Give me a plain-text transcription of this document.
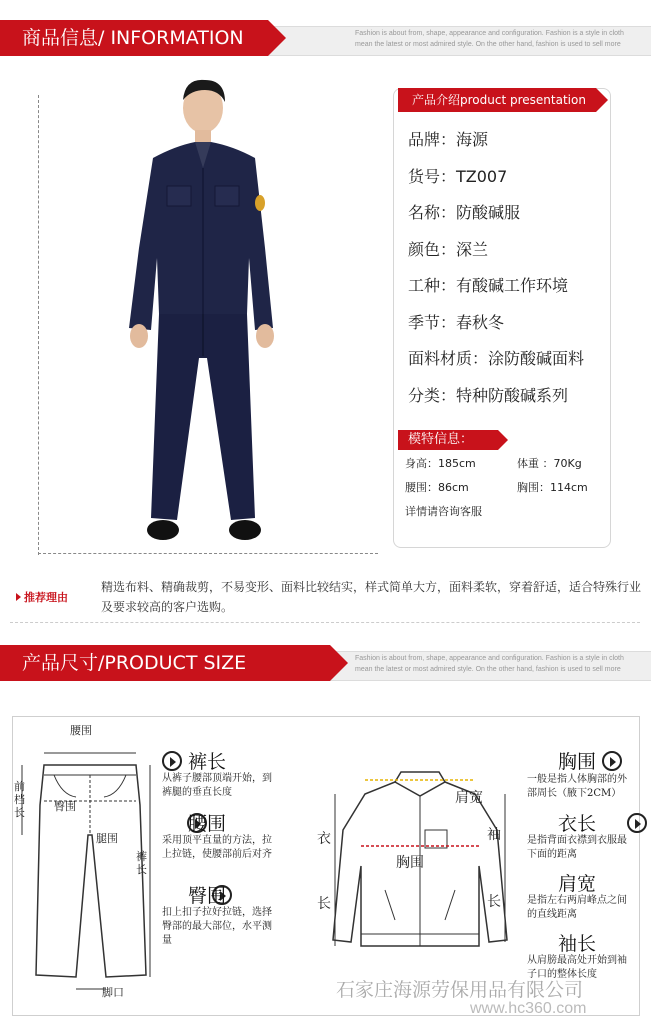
商品信息/ INFORMATION	Fashion is about from, shape, appearance and configuration. Fashion is a style in cloth
mean the latest or most admired style. On the other hand, fashion is used to sell more
产品介绍product presentation
品牌：海源
货号：TZ007
名称：防酸碱服
颜色：深兰
工种：有酸碱工作环境
季节：春秋冬
面料材质：涂防酸碱面料
分类：特种防酸碱系列
模特信息：
身高：185cm	体重 ：70Kg
腰围：86cm	胸围：114cm
详情请咨询客服
推荐理由
精选布料、精确裁剪，不易变形、面料比较结实，样式简单大方，面料柔软，穿着舒适，适合特殊行业及要求较高的客户选购。
产品尺寸/PRODUCT SIZE	Fashion is about from, shape, appearance and configuration. Fashion is a style in cloth
mean the latest or most admired style. On the other hand, fashion is used to sell more
腰围
前档长	臀围
腿围
裤长
脚口

裤长
从裤子腰部顶端开始，到裤腿的垂直长度

腰围
采用顶平直量的方法，拉上拉链，使腰部前后对齐

臀围
扣上扣子拉好拉链，选择臀部的最大部位，水平测量
肩宽
衣
长
袖
长
胸围

胸围
一般是指人体胸部的外部周长（腋下2CM）

衣长
是指背面衣襟到衣服最下面的距离

肩宽
是指左右两肩峰点之间的直线距离
袖长
从肩膀最高处开始到袖子口的整体长度
石家庄海源劳保用品有限公司
www.hc360.com
